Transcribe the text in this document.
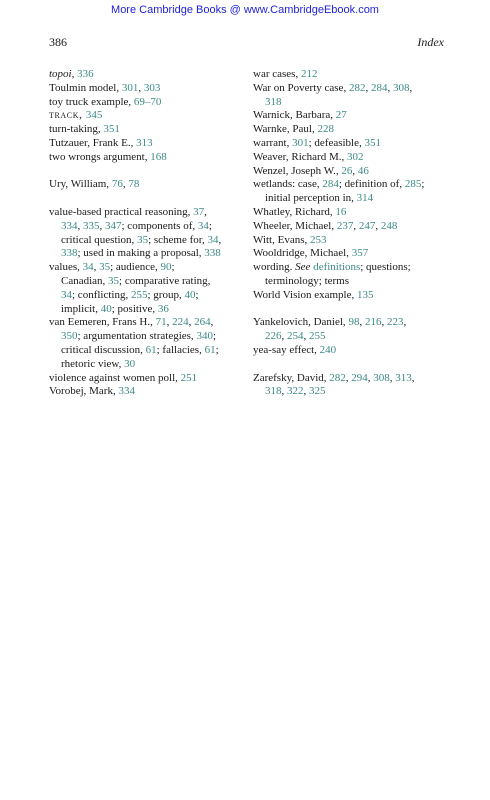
More Cambridge Books @ www.CambridgeEbook.com
386	Index
topoi, 336
Toulmin model, 301, 303
toy truck example, 69–70
track, 345
turn-taking, 351
Tutzauer, Frank E., 313
two wrongs argument, 168
Ury, William, 76, 78
value-based practical reasoning, 37,
334, 335, 347; components of, 34;
critical question, 35; scheme for, 34,
338; used in making a proposal, 338
values, 34, 35; audience, 90;
Canadian, 35; comparative rating,
34; conflicting, 255; group, 40;
implicit, 40; positive, 36
van Eemeren, Frans H., 71, 224, 264,
350; argumentation strategies, 340;
critical discussion, 61; fallacies, 61;
rhetoric view, 30
violence against women poll, 251
Vorobej, Mark, 334
war cases, 212
War on Poverty case, 282, 284, 308,
318
Warnick, Barbara, 27
Warnke, Paul, 228
warrant, 301; defeasible, 351
Weaver, Richard M., 302
Wenzel, Joseph W., 26, 46
wetlands: case, 284; definition of, 285;
initial perception in, 314
Whatley, Richard, 16
Wheeler, Michael, 237, 247, 248
Witt, Evans, 253
Wooldridge, Michael, 357
wording. See definitions; questions;
terminology; terms
World Vision example, 135
Yankelovich, Daniel, 98, 216, 223,
226, 254, 255
yea-say effect, 240
Zarefsky, David, 282, 294, 308, 313,
318, 322, 325
